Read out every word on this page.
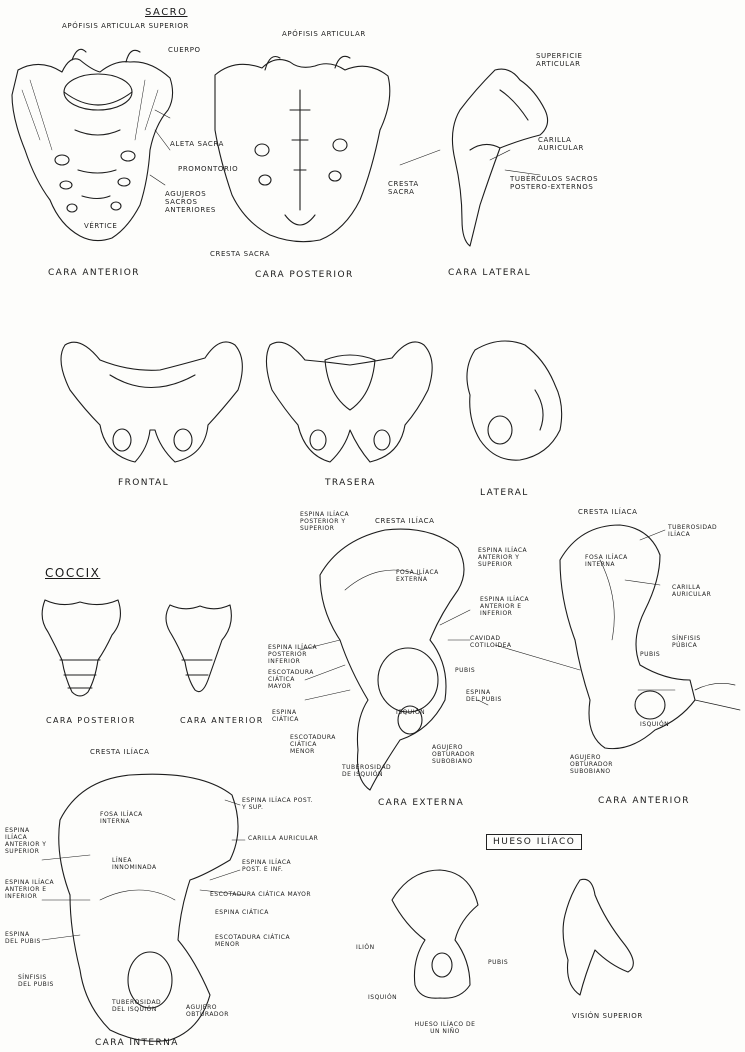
SACRO
APÓFISIS ARTICULAR SUPERIOR
CUERPO
ALETA SACRA
PROMONTORIO
AGUJEROS SACROS ANTERIORES
VÉRTICE
CARA ANTERIOR
APÓFISIS ARTICULAR
CRESTA SACRA
CARA POSTERIOR
SUPERFICIE ARTICULAR
CARILLA AURICULAR
TUBÉRCULOS SACROS POSTERO-EXTERNOS
CRESTA SACRA
CARA LATERAL
FRONTAL	TRASERA
LATERAL
COCCIX
CARA POSTERIOR	CARA ANTERIOR
CRESTA ILÍACA
ESPINA ILÍACA POSTERIOR Y SUPERIOR
ESPINA ILÍACA ANTERIOR Y SUPERIOR
ESPINA ILÍACA ANTERIOR E INFERIOR
FOSA ILÍACA EXTERNA
ESPINA ILÍACA POSTERIOR INFERIOR
ESCOTADURA CIÁTICA MAYOR
ESPINA CIÁTICA
ESCOTADURA CIÁTICA MENOR
CAVIDAD COTILOIDEA
PUBIS
ESPINA DEL PUBIS
ISQUIÓN
AGUJERO OBTURADOR SUBOBIANO
TUBEROSIDAD DE ISQUIÓN
CARA EXTERNA
CRESTA ILÍACA
TUBEROSIDAD ILÍACA
FOSA ILÍACA INTERNA
CARILLA AURICULAR
PUBIS
SÍNFISIS PÚBICA
ISQUIÓN
AGUJERO OBTURADOR SUBOBIANO
CARA ANTERIOR
CRESTA ILÍACA
FOSA ILÍACA INTERNA
ESPINA ILÍACA ANTERIOR Y SUPERIOR
ESPINA ILÍACA ANTERIOR E INFERIOR
LÍNEA INNOMINADA
ESPINA ILÍACA POST. Y SUP.
CARILLA AURICULAR
ESPINA ILÍACA POST. E INF.
ESCOTADURA CIÁTICA MAYOR
ESPINA CIÁTICA
ESCOTADURA CIÁTICA MENOR
ESPINA DEL PUBIS
SÍNFISIS DEL PUBIS
TUBEROSIDAD DEL ISQUIÓN	AGUJERO OBTURADOR
CARA INTERNA
HUESO ILÍACO
ILIÓN
PUBIS
ISQUIÓN
HUESO ILÍACO DE UN NIÑO
VISIÓN SUPERIOR
